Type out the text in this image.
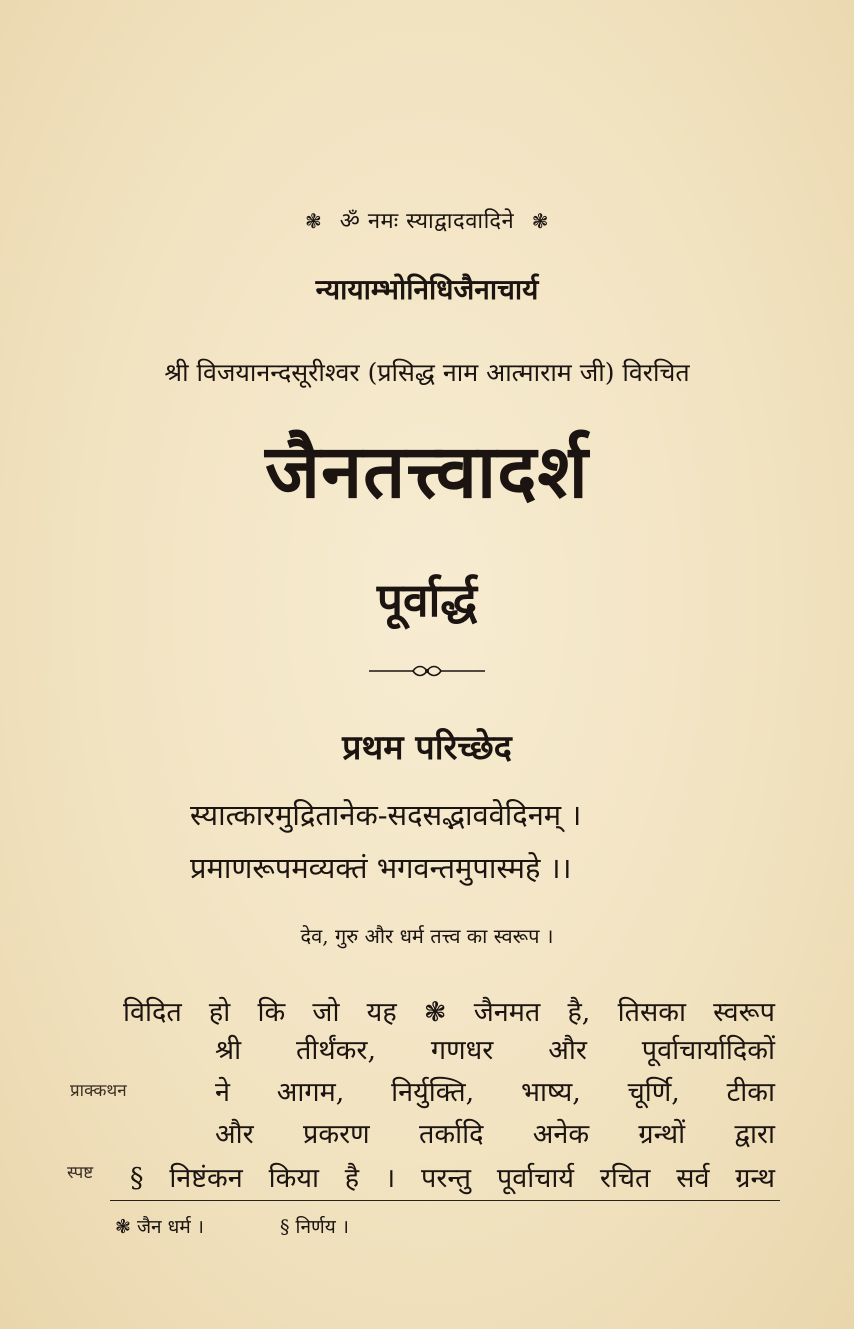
❃ ॐ नमः स्याद्वादवादिने ❃
न्यायाम्भोनिधिजैनाचार्य
श्री विजयानन्दसूरीश्वर (प्रसिद्ध नाम आत्माराम जी) विरचित
जैनतत्त्वादर्श
पूर्वार्द्ध
प्रथम परिच्छेद
स्यात्कारमुद्रितानेक-सदसद्भाववेदिनम् ।
प्रमाणरूपमव्यक्तं भगवन्तमुपास्महे ।।
देव, गुरु और धर्म तत्त्व का स्वरूप ।
विदित हो कि जो यह ❃ जैनमत है, तिसका स्वरूप
श्री तीर्थंकर, गणधर और पूर्वाचार्यादिकों
ने आगम, निर्युक्ति, भाष्य, चूर्णि, टीका
और प्रकरण तर्कादि अनेक ग्रन्थों द्वारा
§ निष्टंकन किया है । परन्तु पूर्वाचार्य रचित सर्व ग्रन्थ
प्राक्कथन
स्पष्ट
❃ जैन धर्म ।	§ निर्णय ।
